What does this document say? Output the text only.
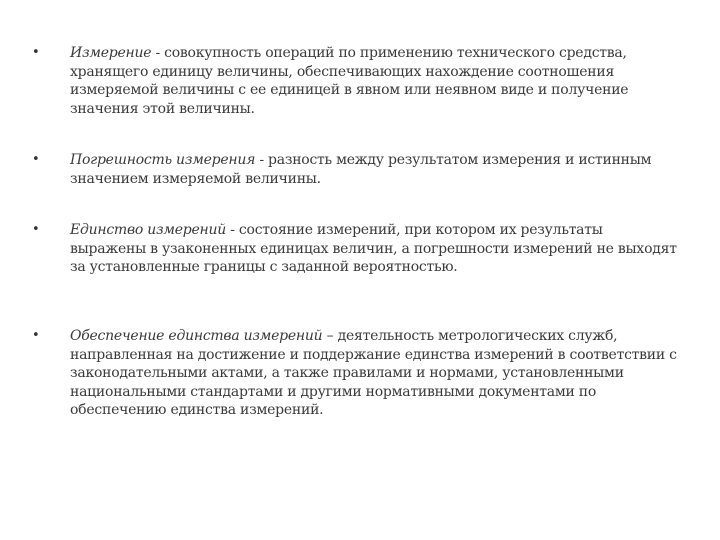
•	Измерение - совокупность операций по применению технического средства, хранящего единицу величины, обеспечивающих нахождение соотношения измеряемой величины с ее единицей в явном или неявном виде и получение значения этой величины.
•	Погрешность измерения - разность между результатом измерения и истинным значением измеряемой величины.
•	Единство измерений - состояние измерений, при котором их результаты выражены в узаконенных единицах величин, а погрешности измерений не выходят за установленные границы с заданной вероятностью.
•	Обеспечение единства измерений – деятельность метрологических служб, направленная на достижение и поддержание единства измерений в соответствии с законодательными актами, а также правилами и нормами, установленными национальными стандартами и другими нормативными документами по обеспечению единства измерений.
